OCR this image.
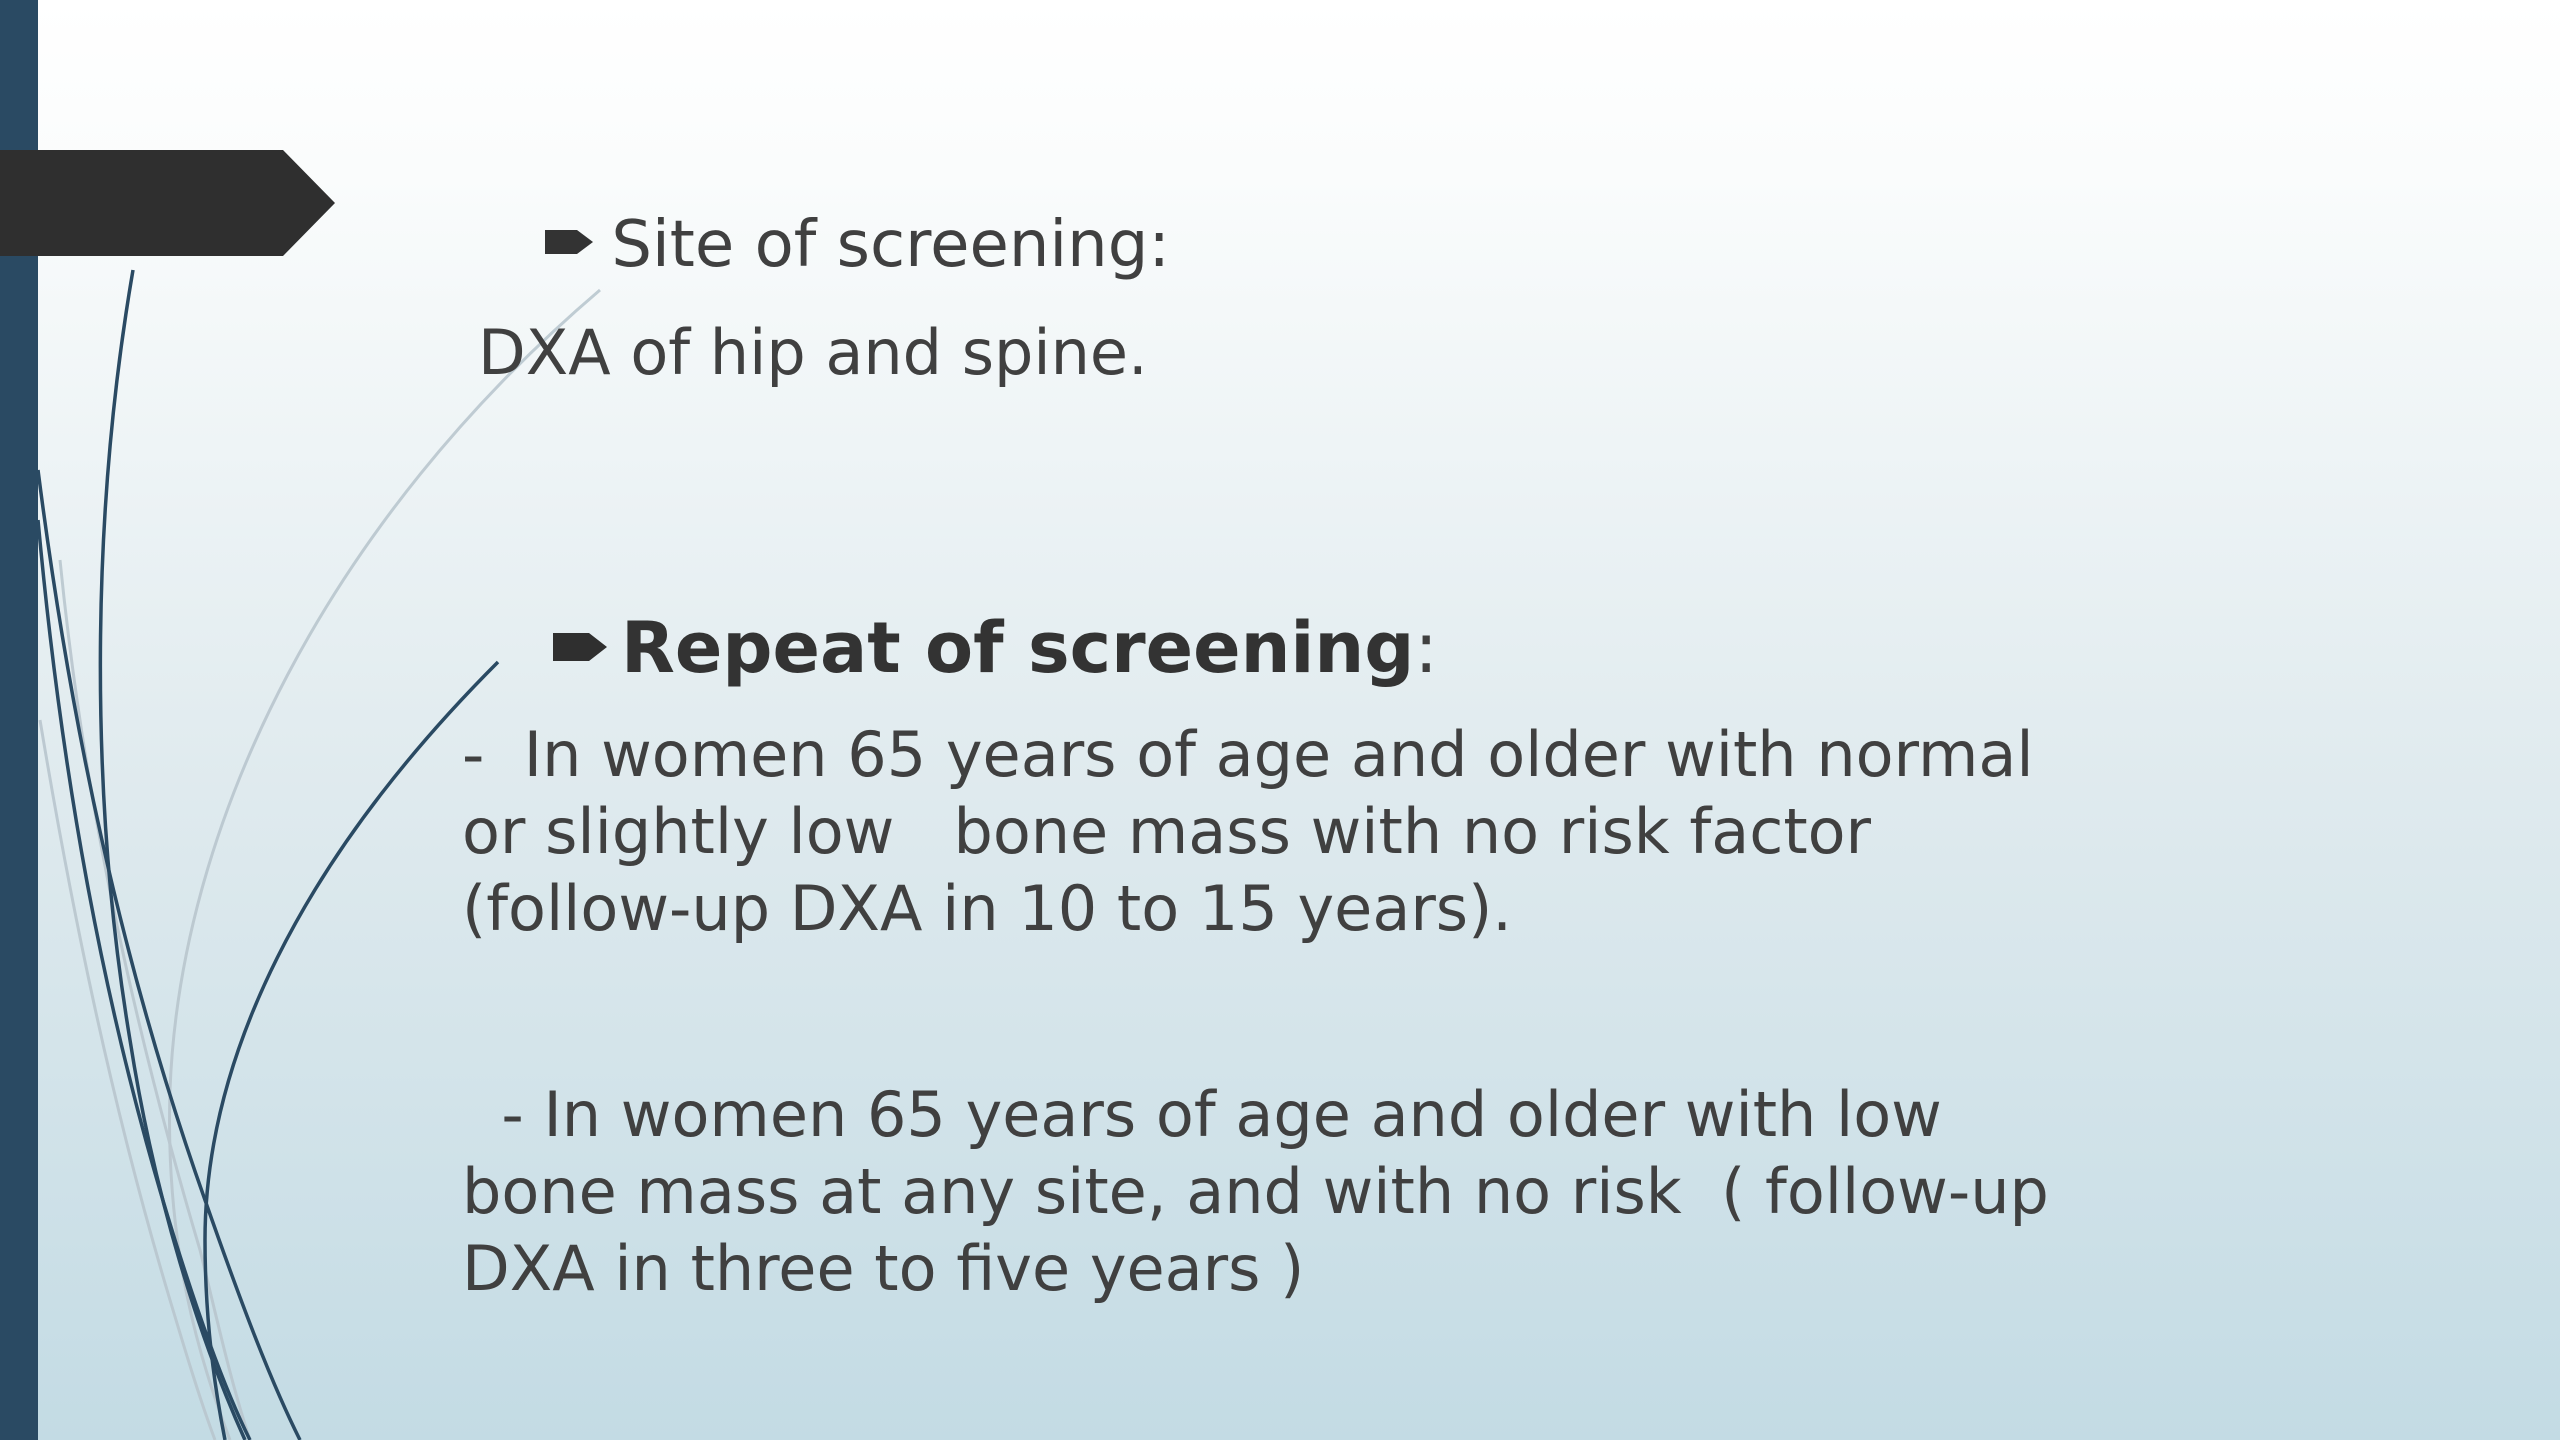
Site of screening:

DXA of hip and spine.

Repeat of screening:

-  In women 65 years of age and older with normal
or slightly low   bone mass with no risk factor
(follow-up DXA in 10 to 15 years).
- In women 65 years of age and older with low
bone mass at any site, and with no risk  ( follow-up
DXA in three to five years )
